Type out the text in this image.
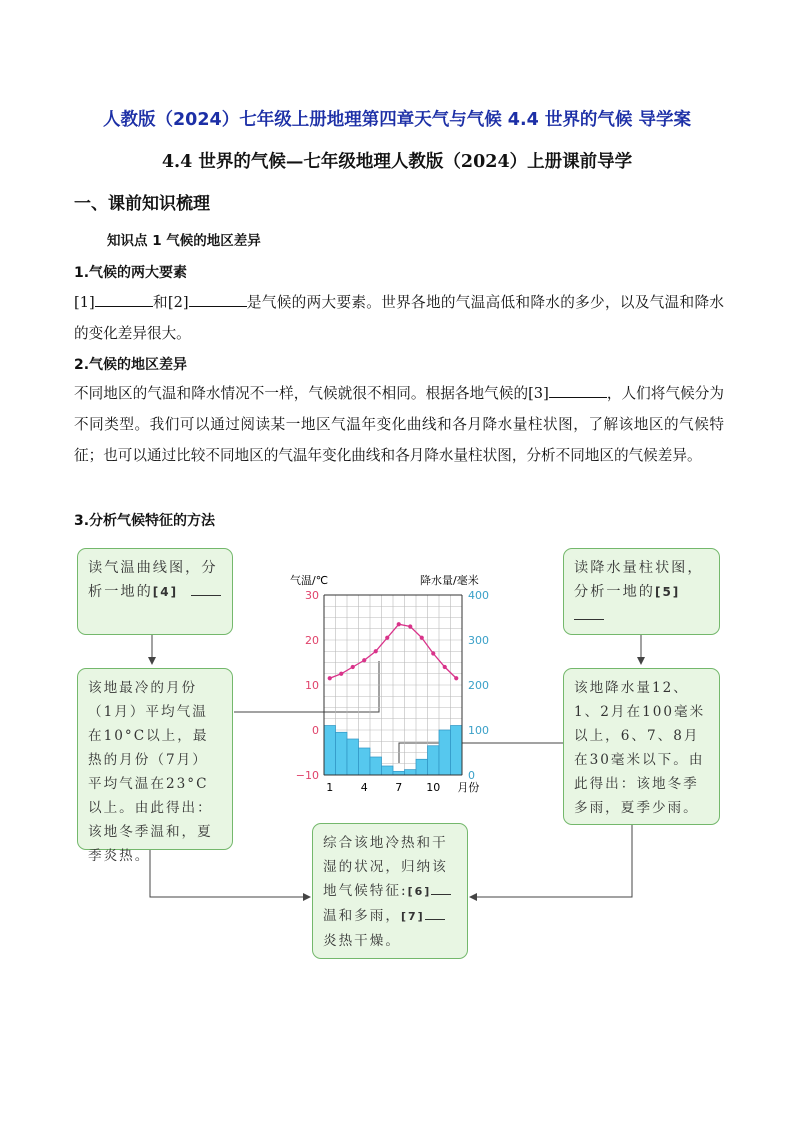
人教版（2024）七年级上册地理第四章天气与气候 4.4 世界的气候 导学案
4.4 世界的气候—七年级地理人教版（2024）上册课前导学
一、课前知识梳理
知识点 1 气候的地区差异
1.气候的两大要素
[1]	和[2]	是气候的两大要素。世界各地的气温高低和降水的多少，以及气温和降水的变化差异很大。
2.气候的地区差异
不同地区的气温和降水情况不一样，气候就很不相同。根据各地气候的[3]	，人们将气候分为不同类型。我们可以通过阅读某一地区气温年变化曲线和各月降水量柱状图，了解该地区的气候特征；也可以通过比较不同地区的气温年变化曲线和各月降水量柱状图，分析不同地区的气候差异。
3.分析气候特征的方法
读气温曲线图，分析一地的[4]
读降水量柱状图，分析一地的[5]
该地最冷的月份（1月）平均气温在10°C以上，最热的月份（7月）平均气温在23°C以上。由此得出：该地冬季温和，夏季炎热。
该地降水量12、1、2月在100毫米以上，6、7、8月在30毫米以下。由此得出：该地冬季多雨，夏季少雨。
综合该地冷热和干湿的状况，归纳该地气候特征:[6]温和多雨，[7]炎热干燥。
气温/℃	降水量/毫米
−10
0
10
20
30
0
100
200
300
400
1	4	7 10 月份
